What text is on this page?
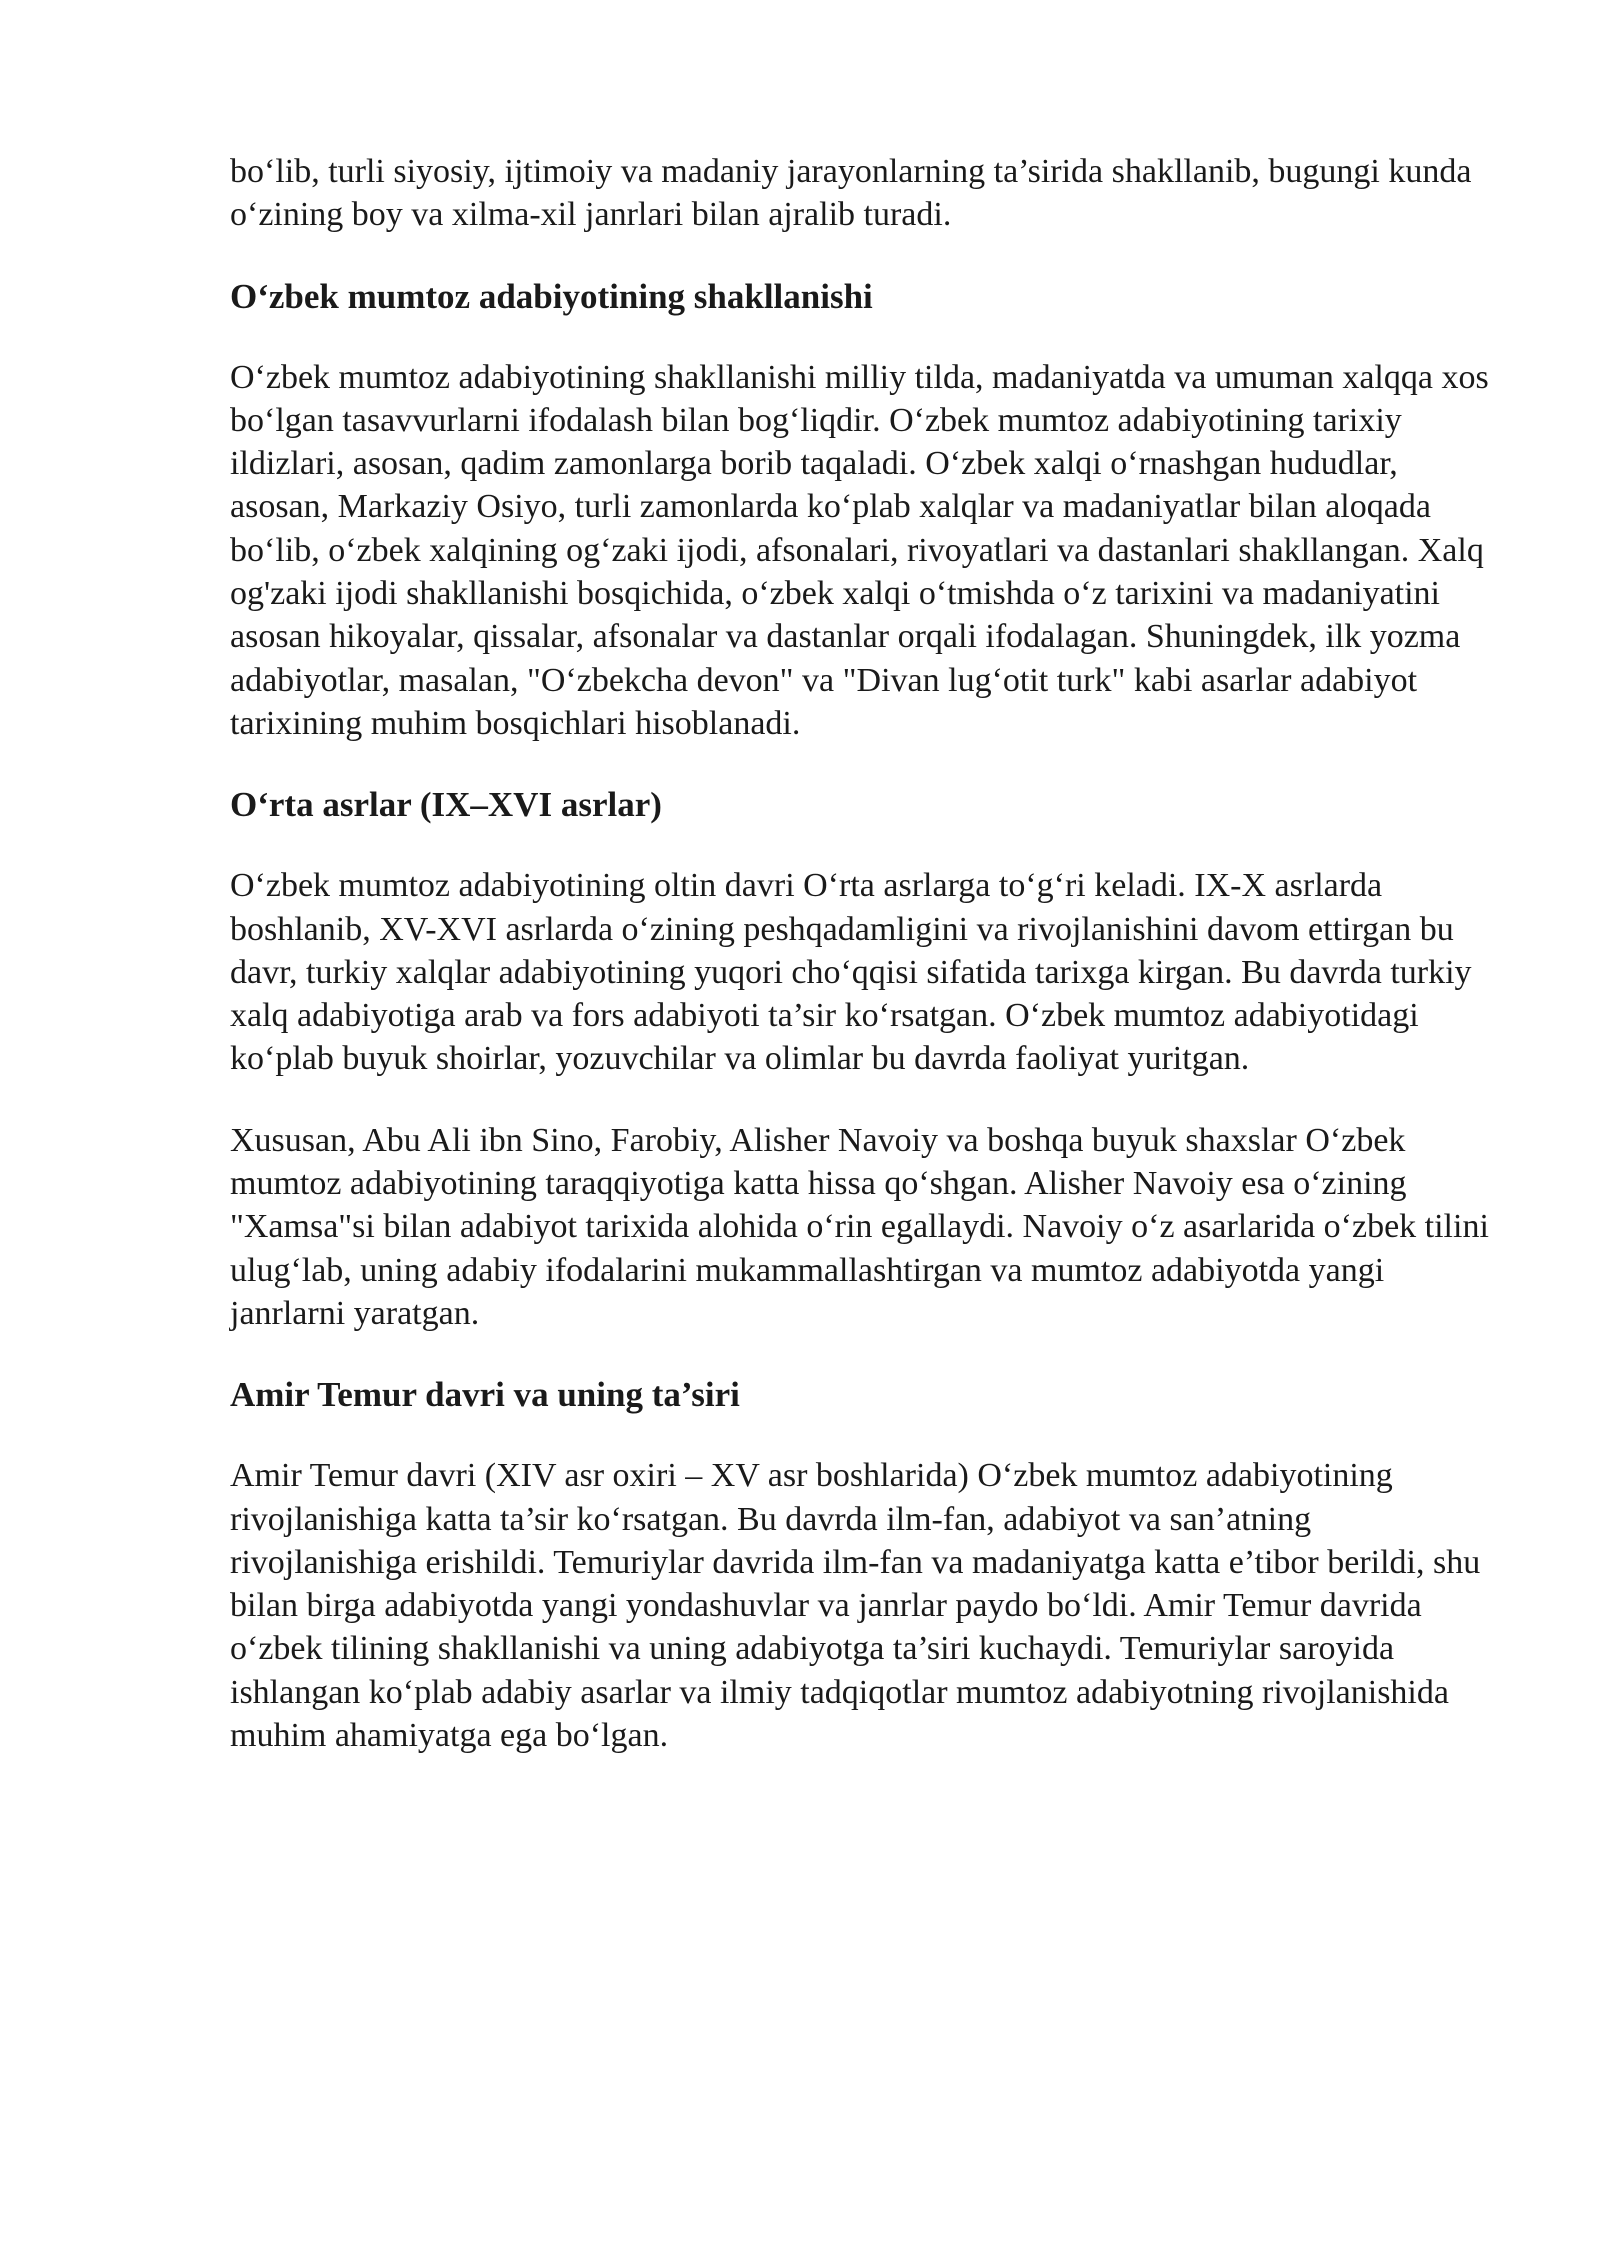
bo‘lib, turli siyosiy, ijtimoiy va madaniy jarayonlarning ta’sirida shakllanib, bugungi kunda o‘zining boy va xilma-xil janrlari bilan ajralib turadi.

O‘zbek mumtoz adabiyotining shakllanishi

O‘zbek mumtoz adabiyotining shakllanishi milliy tilda, madaniyatda va umuman xalqqa xos bo‘lgan tasavvurlarni ifodalash bilan bog‘liqdir. O‘zbek mumtoz adabiyotining tarixiy ildizlari, asosan, qadim zamonlarga borib taqaladi. O‘zbek xalqi o‘rnashgan hududlar, asosan, Markaziy Osiyo, turli zamonlarda ko‘plab xalqlar va madaniyatlar bilan aloqada bo‘lib, o‘zbek xalqining og‘zaki ijodi, afsonalari, rivoyatlari va dastanlari shakllangan. Xalq og'zaki ijodi shakllanishi bosqichida, o‘zbek xalqi o‘tmishda o‘z tarixini va madaniyatini asosan hikoyalar, qissalar, afsonalar va dastanlar orqali ifodalagan. Shuningdek, ilk yozma adabiyotlar, masalan, "O‘zbekcha devon" va "Divan lug‘otit turk" kabi asarlar adabiyot tarixining muhim bosqichlari hisoblanadi.

O‘rta asrlar (IX–XVI asrlar)

O‘zbek mumtoz adabiyotining oltin davri O‘rta asrlarga to‘g‘ri keladi. IX-X asrlarda boshlanib, XV-XVI asrlarda o‘zining peshqadamligini va rivojlanishini davom ettirgan bu davr, turkiy xalqlar adabiyotining yuqori cho‘qqisi sifatida tarixga kirgan. Bu davrda turkiy xalq adabiyotiga arab va fors adabiyoti ta’sir ko‘rsatgan. O‘zbek mumtoz adabiyotidagi ko‘plab buyuk shoirlar, yozuvchilar va olimlar bu davrda faoliyat yuritgan.

Xususan, Abu Ali ibn Sino, Farobiy, Alisher Navoiy va boshqa buyuk shaxslar O‘zbek mumtoz adabiyotining taraqqiyotiga katta hissa qo‘shgan. Alisher Navoiy esa o‘zining "Xamsa"si bilan adabiyot tarixida alohida o‘rin egallaydi. Navoiy o‘z asarlarida o‘zbek tilini ulug‘lab, uning adabiy ifodalarini mukammallashtirgan va mumtoz adabiyotda yangi janrlarni yaratgan.

Amir Temur davri va uning ta’siri

Amir Temur davri (XIV asr oxiri – XV asr boshlarida) O‘zbek mumtoz adabiyotining rivojlanishiga katta ta’sir ko‘rsatgan. Bu davrda ilm-fan, adabiyot va san’atning rivojlanishiga erishildi. Temuriylar davrida ilm-fan va madaniyatga katta e’tibor berildi, shu bilan birga adabiyotda yangi yondashuvlar va janrlar paydo bo‘ldi. Amir Temur davrida o‘zbek tilining shakllanishi va uning adabiyotga ta’siri kuchaydi. Temuriylar saroyida ishlangan ko‘plab adabiy asarlar va ilmiy tadqiqotlar mumtoz adabiyotning rivojlanishida muhim ahamiyatga ega bo‘lgan.
